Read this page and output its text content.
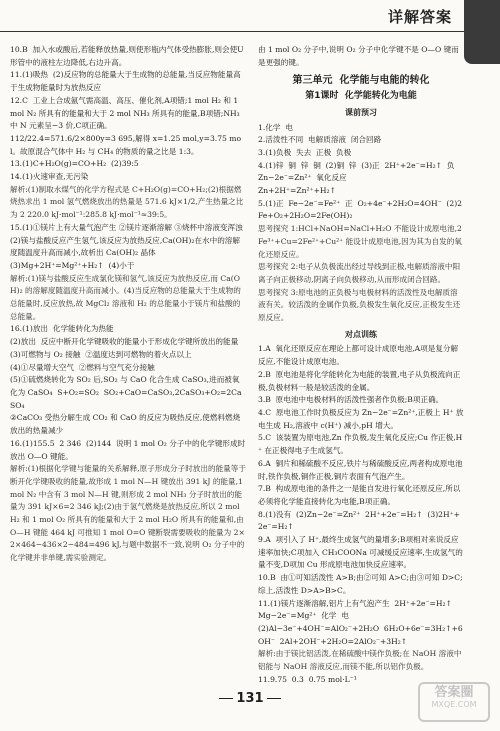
详解答案

10.B  加入水或酸后,若能释放热量,则使形瓶内气体受热膨胀,则会使U形管中的液柱左边降低,右边升高。

11.(1)吸热  (2)反应物的总能量大于生成物的总能量,当反应物能量高于生成物能量时为放热反应

12.C  工业上合成氨气需高温、高压、催化剂,A项错;1 mol H₂ 和 1 mol N₂ 所具有的能量和大于 2 mol NH₃ 所具有的能量,B项错;NH₃ 中 N 元素呈−3 价,C项正确。

112/22.4=571.6/2×800y=3 695,解得 x=1.25 mol,y=3.75 mol。故原混合气体中 H₂ 与 CH₄ 的物质的量之比是 1:3。

13.(1)C+H₂O(g)=CO+H₂  (2)39:5

14.(1)火速审查,无污染

解析:(1)制取水煤气的化学方程式是 C+H₂O(g)=CO+H₂;(2)根据燃烧热求出 1 mol 氢气燃烧放出的热量是 571.6 kJ×1/2,产生热量之比为 2 220.0 kJ·mol⁻¹:285.8 kJ·mol⁻¹≈39:5。

15.(1)①镁片上有大量气泡产生 ②镁片逐渐溶解 ③烧杯中溶液变浑浊

(2)镁与盐酸反应产生氢气,该反应为放热反应,Ca(OH)₂在水中的溶解度随温度升高而减小,故析出 Ca(OH)₂ 晶体

(3)Mg+2H⁺=Mg²⁺+H₂↑  (4)小于

解析:(1)镁与盐酸反应生成氯化镁和氢气,该反应为放热反应,而 Ca(OH)₂ 的溶解度随温度升高而减小。(4)当反应物的总能量大于生成物的总能量时,反应放热,故 MgCl₂ 溶液和 H₂ 的总能量小于镁片和盐酸的总能量。

16.(1)放出  化学能转化为热能

(2)放出  反应中断开化学键吸收的能量小于形成化学键所放出的能量

(3)可燃物与 O₂ 接触  ②温度达到可燃物的着火点以上

(4)①尽量增大空气  ②燃料与空气充分接触

(5)①硫燃烧转化为 SO₂ 后,SO₂ 与 CaO 化合生成 CaSO₃,进而被氧化为 CaSO₄  S+O₂=SO₂  SO₂+CaO=CaSO₃,2CaSO₃+O₂=2CaSO₄

②CaCO₃ 受热分解生成 CO₂ 和 CaO 的反应为吸热反应,使燃料燃烧放出的热量减少

16.(1)155.5  2 346  (2)144  说明 1 mol O₂ 分子中的化学键形成时放出 O—O 键能。

解析:(1)根据化学键与能量的关系解释,原子形成分子时放出的能量等于断开化学键吸收的能量,故形成 1 mol N—H 键放出 391 kJ 的能量,1 mol N₂ 中含有 3 mol N—H 键,则形成 2 mol NH₃ 分子时放出的能量为 391 kJ×6=2 346 kJ;(2)由于氢气燃烧是放热反应,所以 2 mol H₂ 和 1 mol O₂ 所具有的能量和大于 2 mol H₂O 所具有的能量和,由 O—H 键能 464 kJ 可推知 1 mol O=O 键断裂需要吸收的能量为 2×2×464−436×2−484=496 kJ,与题中数据不一致,说明 O₂ 分子中的化学键并非单键,需实验测定。

由 1 mol O₂ 分子中,说明 O₂ 分子中化学键不是 O—O 键而是更强的键。

第三单元  化学能与电能的转化

第1课时  化学能转化为电能

课前预习

1.化学  电

2.活泼性不同  电解质溶液  闭合回路

3.(1)负极  失去  正极  负极

4.(1)锌  铜  锌  铜  (2)铜  锌  (3)正  2H⁺+2e⁻=H₂↑  负  Zn−2e⁻=Zn²⁺  氧化反应

Zn+2H⁺=Zn²⁺+H₂↑

5.(1)正  Fe−2e⁻=Fe²⁺  正  O₂+4e⁻+2H₂O=4OH⁻  (2)2Fe+O₂+2H₂O=2Fe(OH)₂

思考探究 1:HCl+NaOH=NaCl+H₂O 不能设计成原电池,2Fe³⁺+Cu=2Fe²⁺+Cu²⁺ 能设计成原电池,因为其为自发的氧化还原反应。

思考探究 2:电子从负极流出经过导线到正极,电解质溶液中阳离子向正极移动,阴离子向负极移动,从而形成闭合回路。

思考探究 3:原电池的正负极与电极材料的活泼性及电解质溶液有关。较活泼的金属作负极,负极发生氧化反应,正极发生还原反应。

对点训练

1.A  氧化还原反应在理论上都可设计成原电池,A项是复分解反应,不能设计成原电池。

2.B  原电池是将化学能转化为电能的装置,电子从负极流向正极,负极材料一般是较活泼的金属。

3.B  原电池中电极材料的活泼性强者作负极;B项正确。

4.C  原电池工作时负极反应为 Zn−2e⁻=Zn²⁺,正极上 H⁺ 放电生成 H₂,溶液中 c(H⁺) 减小,pH 增大。

5.C  该装置为原电池,Zn 作负极,发生氧化反应;Cu 作正极,H⁺ 在正极得电子生成氢气。

6.A  铜片和稀硫酸不反应,铁片与稀硫酸反应,两者构成原电池时,铁作负极,铜作正极,铜片表面有气泡产生。

7.B  构成原电池的条件之一是能自发进行氧化还原反应,所以必须将化学能直接转化为电能,B项正确。

8.(1)没有  (2)Zn−2e⁻=Zn²⁺  2H⁺+2e⁻=H₂↑  (3)2H⁺+2e⁻=H₂↑

9.A  项引入了 H⁺,最终生成氢气的量增多;B项相对来说反应速率加快;C项加入 CH₃COONa 可减缓反应速率,生成氢气的量不变,D项加 Cu 形成原电池加快反应速率。

10.B  由①可知活泼性 A>B;由②可知 A>C;由③可知 D>C;综上,活泼性 D>A>B>C。

11.(1)镁片逐渐溶解,铝片上有气泡产生  2H⁺+2e⁻=H₂↑  Mg−2e⁻=Mg²⁺  化学  电

(2)Al−3e⁻+4OH⁻=AlO₂⁻+2H₂O  6H₂O+6e⁻=3H₂↑+6OH⁻  2Al+2OH⁻+2H₂O=2AlO₂⁻+3H₂↑

解析:由于镁比铝活泼,在稀硫酸中镁作负极;在 NaOH 溶液中铝能与 NaOH 溶液反应,而镁不能,所以铝作负极。

11.9.75  0.3  0.75 mol·L⁻¹

131	答案圈
MXQE.COM
